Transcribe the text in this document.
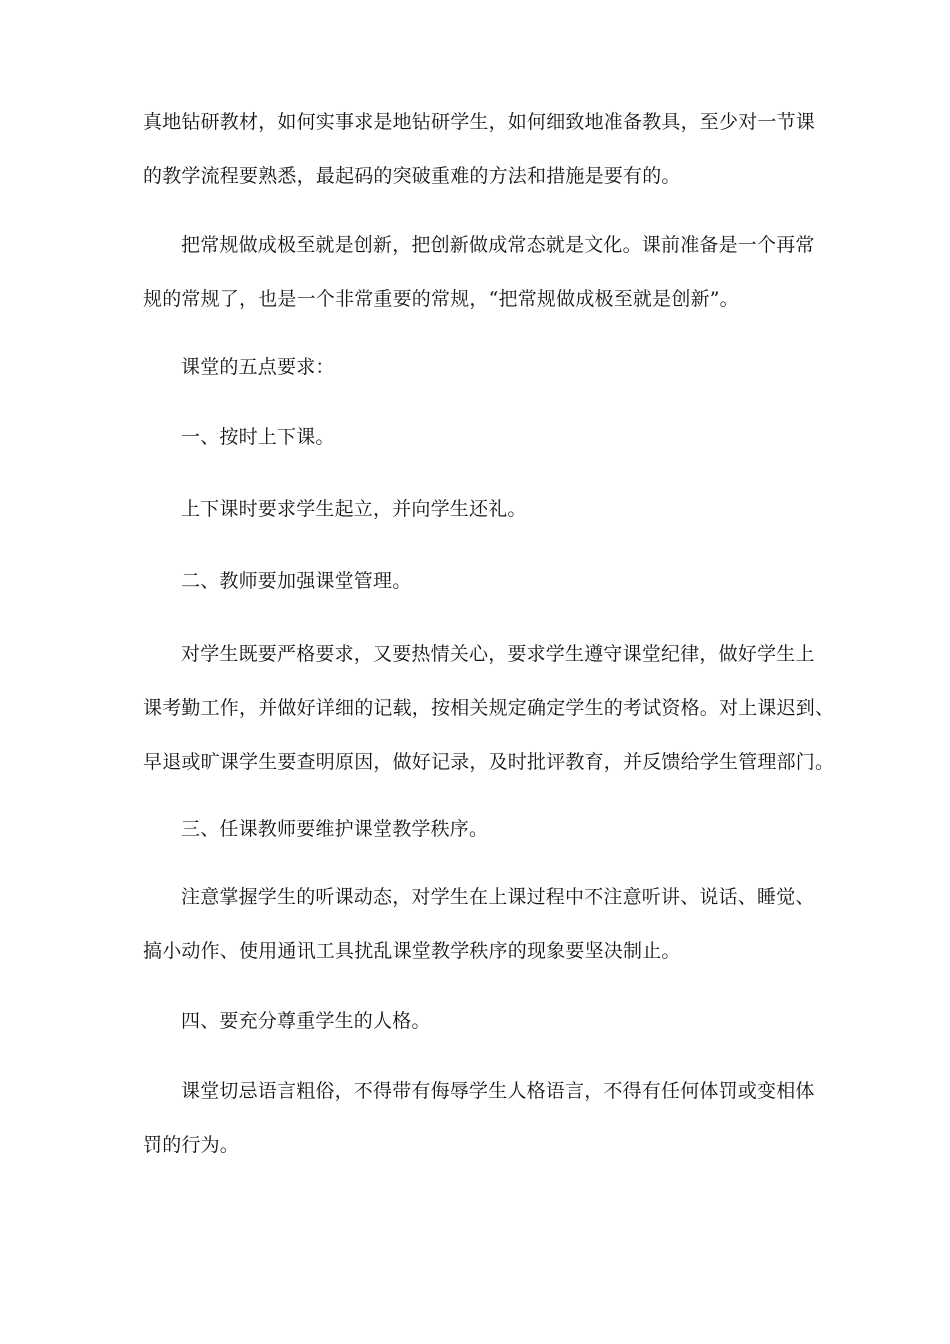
真地钻研教材，如何实事求是地钻研学生，如何细致地准备教具，至少对一节课
的教学流程要熟悉，最起码的突破重难的方法和措施是要有的。

把常规做成极至就是创新，把创新做成常态就是文化。课前准备是一个再常
规的常规了，也是一个非常重要的常规，“把常规做成极至就是创新”。

课堂的五点要求：

一、按时上下课。

上下课时要求学生起立，并向学生还礼。

二、教师要加强课堂管理。

对学生既要严格要求，又要热情关心，要求学生遵守课堂纪律，做好学生上
课考勤工作，并做好详细的记载，按相关规定确定学生的考试资格。对上课迟到、
早退或旷课学生要查明原因，做好记录，及时批评教育，并反馈给学生管理部门。

三、任课教师要维护课堂教学秩序。

注意掌握学生的听课动态，对学生在上课过程中不注意听讲、说话、睡觉、
搞小动作、使用通讯工具扰乱课堂教学秩序的现象要坚决制止。

四、要充分尊重学生的人格。

课堂切忌语言粗俗，不得带有侮辱学生人格语言，不得有任何体罚或变相体
罚的行为。
